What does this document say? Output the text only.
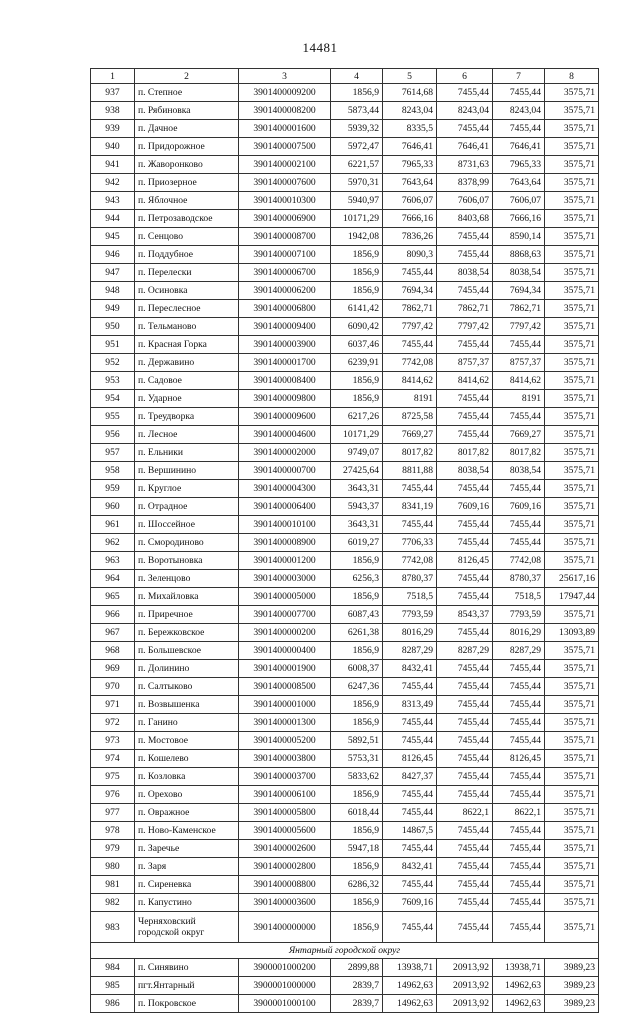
14481
1	2	3	4	5	6	7	8
937	п. Степное	3901400009200	1856,9	7614,68	7455,44	7455,44	3575,71
938	п. Рябиновка	3901400008200	5873,44	8243,04	8243,04	8243,04	3575,71
939	п. Дачное	3901400001600	5939,32	8335,5	7455,44	7455,44	3575,71
940	п. Придорожное	3901400007500	5972,47	7646,41	7646,41	7646,41	3575,71
941	п. Жаворонково	3901400002100	6221,57	7965,33	8731,63	7965,33	3575,71
942	п. Приозерное	3901400007600	5970,31	7643,64	8378,99	7643,64	3575,71
943	п. Яблочное	3901400010300	5940,97	7606,07	7606,07	7606,07	3575,71
944	п. Петрозаводское	3901400006900	10171,29	7666,16	8403,68	7666,16	3575,71
945	п. Сенцово	3901400008700	1942,08	7836,26	7455,44	8590,14	3575,71
946	п. Поддубное	3901400007100	1856,9	8090,3	7455,44	8868,63	3575,71
947	п. Перелески	3901400006700	1856,9	7455,44	8038,54	8038,54	3575,71
948	п. Осиновка	3901400006200	1856,9	7694,34	7455,44	7694,34	3575,71
949	п. Переслесное	3901400006800	6141,42	7862,71	7862,71	7862,71	3575,71
950	п. Тельманово	3901400009400	6090,42	7797,42	7797,42	7797,42	3575,71
951	п. Красная Горка	3901400003900	6037,46	7455,44	7455,44	7455,44	3575,71
952	п. Державино	3901400001700	6239,91	7742,08	8757,37	8757,37	3575,71
953	п. Садовое	3901400008400	1856,9	8414,62	8414,62	8414,62	3575,71
954	п. Ударное	3901400009800	1856,9	8191	7455,44	8191	3575,71
955	п. Треудворка	3901400009600	6217,26	8725,58	7455,44	7455,44	3575,71
956	п. Лесное	3901400004600	10171,29	7669,27	7455,44	7669,27	3575,71
957	п. Ельники	3901400002000	9749,07	8017,82	8017,82	8017,82	3575,71
958	п. Вершинино	3901400000700	27425,64	8811,88	8038,54	8038,54	3575,71
959	п. Круглое	3901400004300	3643,31	7455,44	7455,44	7455,44	3575,71
960	п. Отрадное	3901400006400	5943,37	8341,19	7609,16	7609,16	3575,71
961	п. Шоссейное	3901400010100	3643,31	7455,44	7455,44	7455,44	3575,71
962	п. Смородиново	3901400008900	6019,27	7706,33	7455,44	7455,44	3575,71
963	п. Воротыновка	3901400001200	1856,9	7742,08	8126,45	7742,08	3575,71
964	п. Зеленцово	3901400003000	6256,3	8780,37	7455,44	8780,37	25617,16
965	п. Михайловка	3901400005000	1856,9	7518,5	7455,44	7518,5	17947,44
966	п. Приречное	3901400007700	6087,43	7793,59	8543,37	7793,59	3575,71
967	п. Бережковское	3901400000200	6261,38	8016,29	7455,44	8016,29	13093,89
968	п. Большевское	3901400000400	1856,9	8287,29	8287,29	8287,29	3575,71
969	п. Долинино	3901400001900	6008,37	8432,41	7455,44	7455,44	3575,71
970	п. Салтыково	3901400008500	6247,36	7455,44	7455,44	7455,44	3575,71
971	п. Возвышенка	3901400001000	1856,9	8313,49	7455,44	7455,44	3575,71
972	п. Ганино	3901400001300	1856,9	7455,44	7455,44	7455,44	3575,71
973	п. Мостовое	3901400005200	5892,51	7455,44	7455,44	7455,44	3575,71
974	п. Кошелево	3901400003800	5753,31	8126,45	7455,44	8126,45	3575,71
975	п. Козловка	3901400003700	5833,62	8427,37	7455,44	7455,44	3575,71
976	п. Орехово	3901400006100	1856,9	7455,44	7455,44	7455,44	3575,71
977	п. Овражное	3901400005800	6018,44	7455,44	8622,1	8622,1	3575,71
978	п. Ново-Каменское	3901400005600	1856,9	14867,5	7455,44	7455,44	3575,71
979	п. Заречье	3901400002600	5947,18	7455,44	7455,44	7455,44	3575,71
980	п. Заря	3901400002800	1856,9	8432,41	7455,44	7455,44	3575,71
981	п. Сиреневка	3901400008800	6286,32	7455,44	7455,44	7455,44	3575,71
982	п. Капустино	3901400003600	1856,9	7609,16	7455,44	7455,44	3575,71
983	Черняховский городской округ	3901400000000	1856,9	7455,44	7455,44	7455,44	3575,71
Янтарный городской округ							
984	п. Синявино	3900001000200	2899,88	13938,71	20913,92	13938,71	3989,23
985	пгт.Янтарный	3900001000000	2839,7	14962,63	20913,92	14962,63	3989,23
986	п. Покровское	3900001000100	2839,7	14962,63	20913,92	14962,63	3989,23
